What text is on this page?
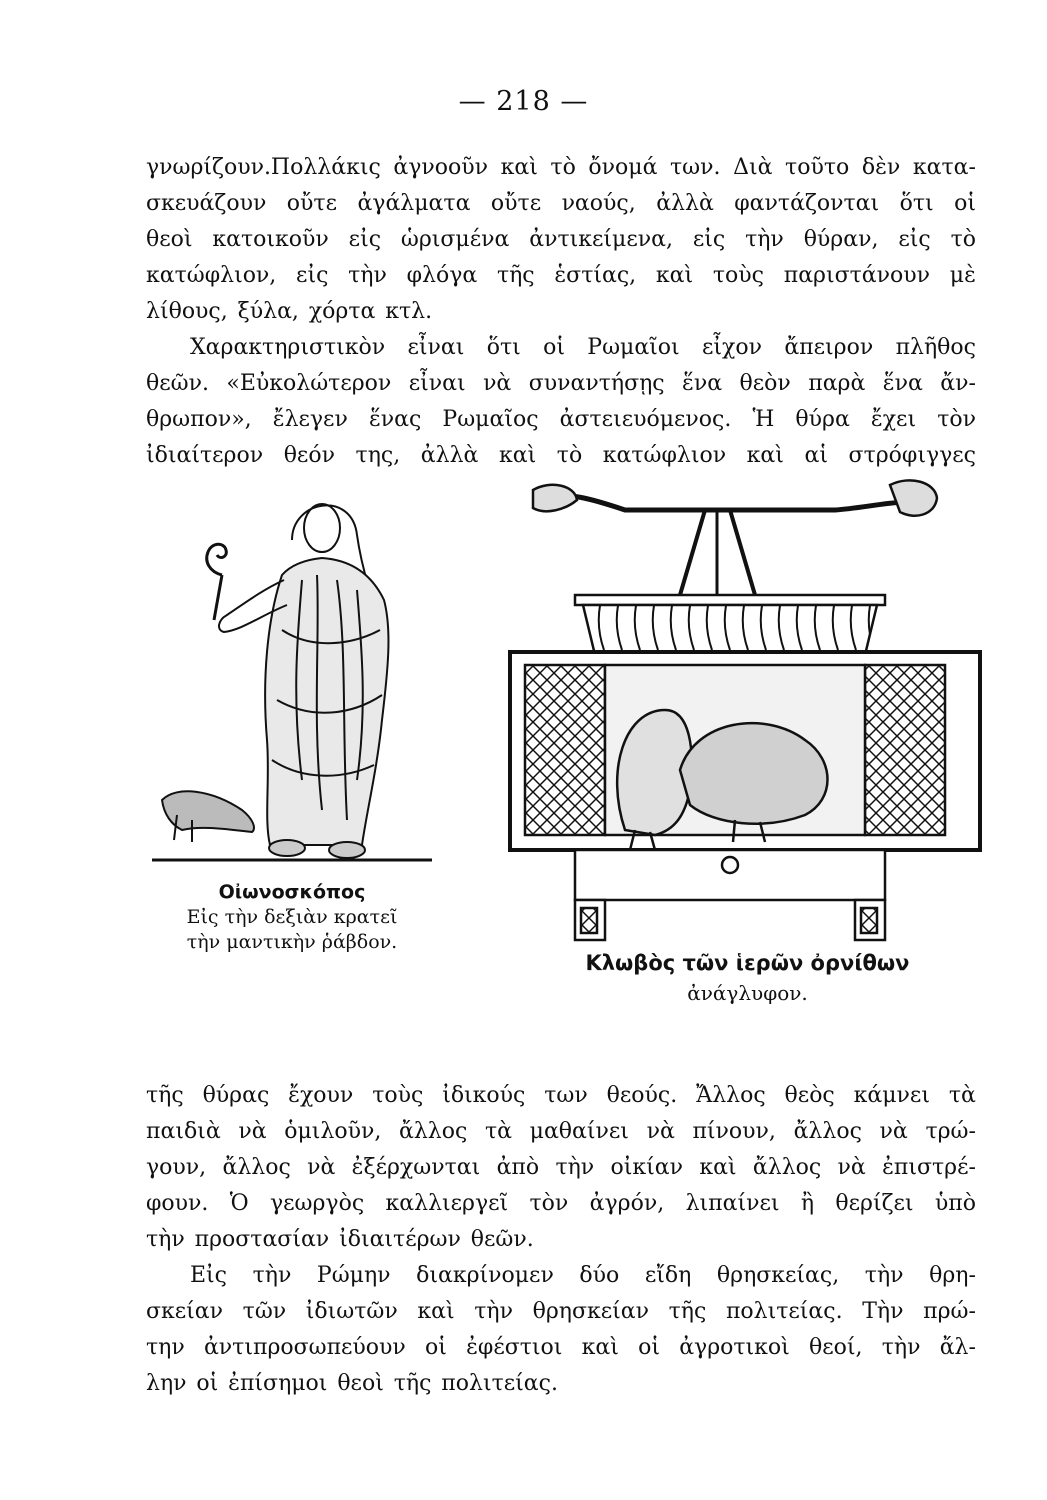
— 218 —
γνωρίζουν.Πολλάκις ἀγνοοῦν καὶ τὸ ὄνομά των. Διὰ τοῦτο δὲν κατα-
σκευάζουν οὔτε ἀγάλματα οὔτε ναούς, ἀλλὰ φαντάζονται ὅτι οἱ
θεοὶ κατοικοῦν εἰς ὡρισμένα ἀντικείμενα, εἰς τὴν θύραν, εἰς τὸ
κατώφλιον, εἰς τὴν φλόγα τῆς ἑστίας, καὶ τοὺς παριστάνουν μὲ
λίθους, ξύλα, χόρτα κτλ.
Χαρακτηριστικὸν εἶναι ὅτι οἱ Ρωμαῖοι εἶχον ἄπειρον πλῆθος
θεῶν. «Εὐκολώτερον εἶναι νὰ συναντήσῃς ἕνα θεὸν παρὰ ἕνα ἄν-
θρωπον», ἔλεγεν ἕνας Ρωμαῖος ἀστειευόμενος. Ἡ θύρα ἔχει τὸν
ἰδιαίτερον θεόν της, ἀλλὰ καὶ τὸ κατώφλιον καὶ αἱ στρόφιγγες
Οἰωνοσκόπος
Εἰς τὴν δεξιὰν κρατεῖ
τὴν μαντικὴν ῥάβδον.
Κλωβὸς τῶν ἱερῶν ὀρνίθων
ἀνάγλυφον.
τῆς θύρας ἔχουν τοὺς ἰδικούς των θεούς. Ἄλλος θεὸς κάμνει τὰ
παιδιὰ νὰ ὁμιλοῦν, ἄλλος τὰ μαθαίνει νὰ πίνουν, ἄλλος νὰ τρώ-
γουν, ἄλλος νὰ ἐξέρχωνται ἀπὸ τὴν οἰκίαν καὶ ἄλλος νὰ ἐπιστρέ-
φουν. Ὁ γεωργὸς καλλιεργεῖ τὸν ἀγρόν, λιπαίνει ἢ θερίζει ὑπὸ
τὴν προστασίαν ἰδιαιτέρων θεῶν.
Εἰς τὴν Ρώμην διακρίνομεν δύο εἴδη θρησκείας, τὴν θρη-
σκείαν τῶν ἰδιωτῶν καὶ τὴν θρησκείαν τῆς πολιτείας. Τὴν πρώ-
την ἀντιπροσωπεύουν οἱ ἐφέστιοι καὶ οἱ ἀγροτικοὶ θεοί, τὴν ἄλ-
λην οἱ ἐπίσημοι θεοὶ τῆς πολιτείας.
